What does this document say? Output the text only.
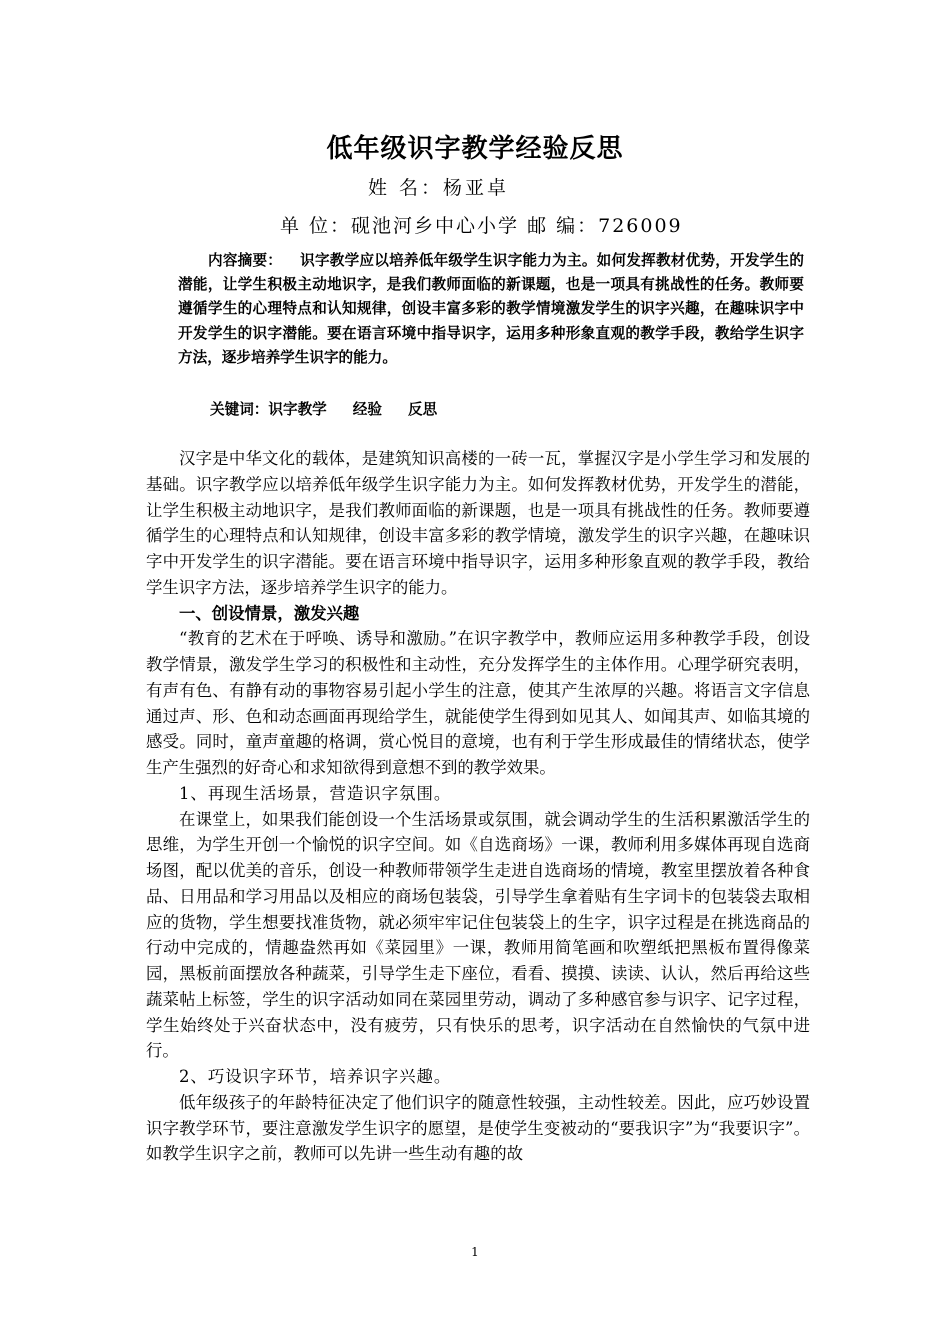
低年级识字教学经验反思
姓 名：杨亚卓
单 位：砚池河乡中心小学 邮 编：726009
内容摘要： 识字教学应以培养低年级学生识字能力为主。如何发挥教材优势，开发学生的潜能，让学生积极主动地识字，是我们教师面临的新课题，也是一项具有挑战性的任务。教师要遵循学生的心理特点和认知规律，创设丰富多彩的教学情境激发学生的识字兴趣，在趣味识字中开发学生的识字潜能。要在语言环境中指导识字，运用多种形象直观的教学手段，教给学生识字方法，逐步培养学生识字的能力。
关键词：识字教学 经验 反思

汉字是中华文化的载体，是建筑知识高楼的一砖一瓦，掌握汉字是小学生学习和发展的基础。识字教学应以培养低年级学生识字能力为主。如何发挥教材优势，开发学生的潜能，让学生积极主动地识字，是我们教师面临的新课题，也是一项具有挑战性的任务。教师要遵循学生的心理特点和认知规律，创设丰富多彩的教学情境，激发学生的识字兴趣，在趣味识字中开发学生的识字潜能。要在语言环境中指导识字，运用多种形象直观的教学手段，教给学生识字方法，逐步培养学生识字的能力。

一、创设情景，激发兴趣

“教育的艺术在于呼唤、诱导和激励。”在识字教学中，教师应运用多种教学手段，创设教学情景，激发学生学习的积极性和主动性，充分发挥学生的主体作用。心理学研究表明，有声有色、有静有动的事物容易引起小学生的注意，使其产生浓厚的兴趣。将语言文字信息通过声、形、色和动态画面再现给学生，就能使学生得到如见其人、如闻其声、如临其境的感受。同时，童声童趣的格调，赏心悦目的意境，也有利于学生形成最佳的情绪状态，使学生产生强烈的好奇心和求知欲得到意想不到的教学效果。

1、再现生活场景，营造识字氛围。

在课堂上，如果我们能创设一个生活场景或氛围，就会调动学生的生活积累激活学生的思维，为学生开创一个愉悦的识字空间。如《自选商场》一课，教师利用多媒体再现自选商场图，配以优美的音乐，创设一种教师带领学生走进自选商场的情境，教室里摆放着各种食品、日用品和学习用品以及相应的商场包装袋，引导学生拿着贴有生字词卡的包装袋去取相应的货物，学生想要找准货物，就必须牢牢记住包装袋上的生字，识字过程是在挑选商品的行动中完成的，情趣盎然再如《菜园里》一课，教师用简笔画和吹塑纸把黑板布置得像菜园，黑板前面摆放各种蔬菜，引导学生走下座位，看看、摸摸、读读、认认，然后再给这些蔬菜帖上标签，学生的识字活动如同在菜园里劳动，调动了多种感官参与识字、记字过程，学生始终处于兴奋状态中，没有疲劳，只有快乐的思考，识字活动在自然愉快的气氛中进行。

2、巧设识字环节，培养识字兴趣。

低年级孩子的年龄特征决定了他们识字的随意性较强，主动性较差。因此，应巧妙设置识字教学环节，要注意激发学生识字的愿望，是使学生变被动的“要我识字”为“我要识字”。如教学生识字之前，教师可以先讲一些生动有趣的故

1
